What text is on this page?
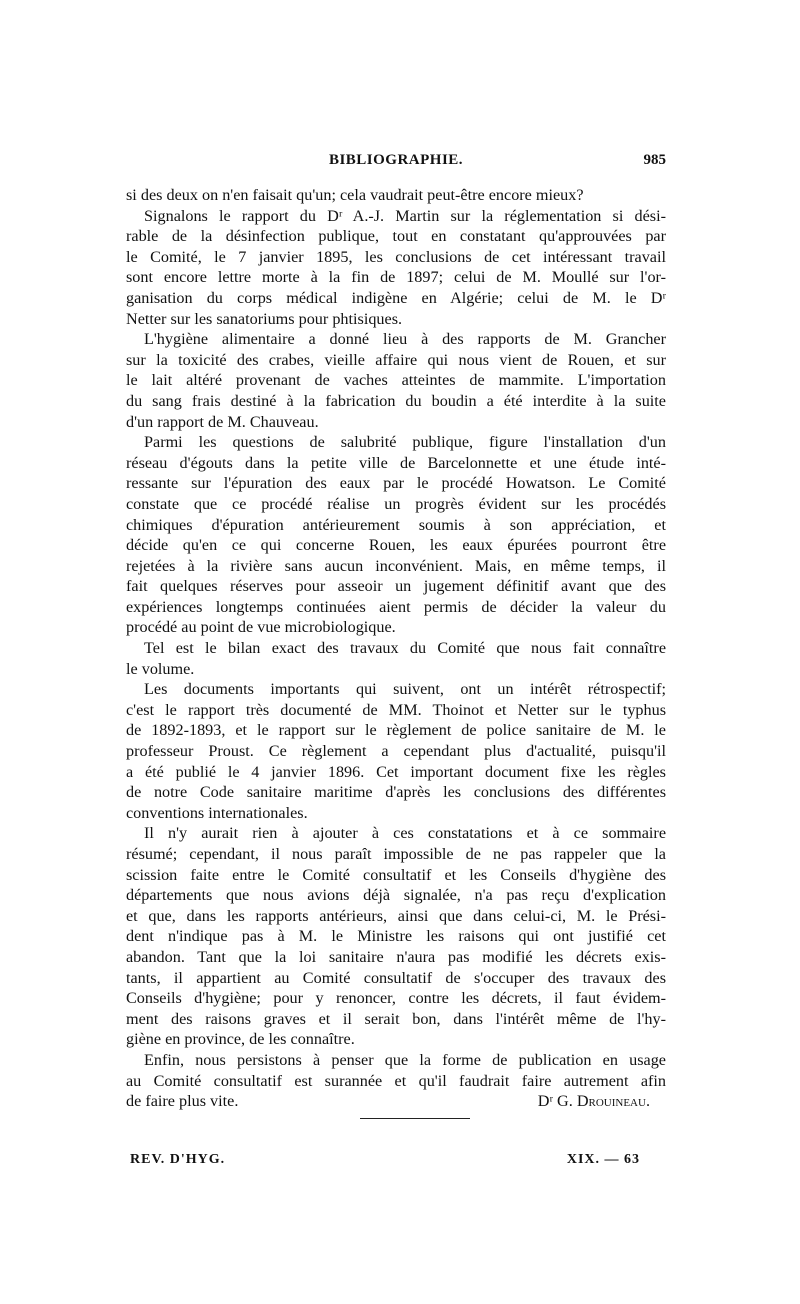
BIBLIOGRAPHIE.	985
si des deux on n'en faisait qu'un; cela vaudrait peut-être encore mieux?
Signalons le rapport du Dʳ A.-J. Martin sur la réglementation si dési-
rable de la désinfection publique, tout en constatant qu'approuvées par
le Comité, le 7 janvier 1895, les conclusions de cet intéressant travail
sont encore lettre morte à la fin de 1897; celui de M. Moullé sur l'or-
ganisation du corps médical indigène en Algérie; celui de M. le Dʳ
Netter sur les sanatoriums pour phtisiques.
L'hygiène alimentaire a donné lieu à des rapports de M. Grancher
sur la toxicité des crabes, vieille affaire qui nous vient de Rouen, et sur
le lait altéré provenant de vaches atteintes de mammite. L'importation
du sang frais destiné à la fabrication du boudin a été interdite à la suite
d'un rapport de M. Chauveau.
Parmi les questions de salubrité publique, figure l'installation d'un
réseau d'égouts dans la petite ville de Barcelonnette et une étude inté-
ressante sur l'épuration des eaux par le procédé Howatson. Le Comité
constate que ce procédé réalise un progrès évident sur les procédés
chimiques d'épuration antérieurement soumis à son appréciation, et
décide qu'en ce qui concerne Rouen, les eaux épurées pourront être
rejetées à la rivière sans aucun inconvénient. Mais, en même temps, il
fait quelques réserves pour asseoir un jugement définitif avant que des
expériences longtemps continuées aient permis de décider la valeur du
procédé au point de vue microbiologique.
Tel est le bilan exact des travaux du Comité que nous fait connaître
le volume.
Les documents importants qui suivent, ont un intérêt rétrospectif;
c'est le rapport très documenté de MM. Thoinot et Netter sur le typhus
de 1892-1893, et le rapport sur le règlement de police sanitaire de M. le
professeur Proust. Ce règlement a cependant plus d'actualité, puisqu'il
a été publié le 4 janvier 1896. Cet important document fixe les règles
de notre Code sanitaire maritime d'après les conclusions des différentes
conventions internationales.
Il n'y aurait rien à ajouter à ces constatations et à ce sommaire
résumé; cependant, il nous paraît impossible de ne pas rappeler que la
scission faite entre le Comité consultatif et les Conseils d'hygiène des
départements que nous avions déjà signalée, n'a pas reçu d'explication
et que, dans les rapports antérieurs, ainsi que dans celui-ci, M. le Prési-
dent n'indique pas à M. le Ministre les raisons qui ont justifié cet
abandon. Tant que la loi sanitaire n'aura pas modifié les décrets exis-
tants, il appartient au Comité consultatif de s'occuper des travaux des
Conseils d'hygiène; pour y renoncer, contre les décrets, il faut évidem-
ment des raisons graves et il serait bon, dans l'intérêt même de l'hy-
giène en province, de les connaître.
Enfin, nous persistons à penser que la forme de publication en usage
au Comité consultatif est surannée et qu'il faudrait faire autrement afin
de faire plus vite.	Dʳ G. Drouineau.
REV. D'HYG.	XIX. — 63
